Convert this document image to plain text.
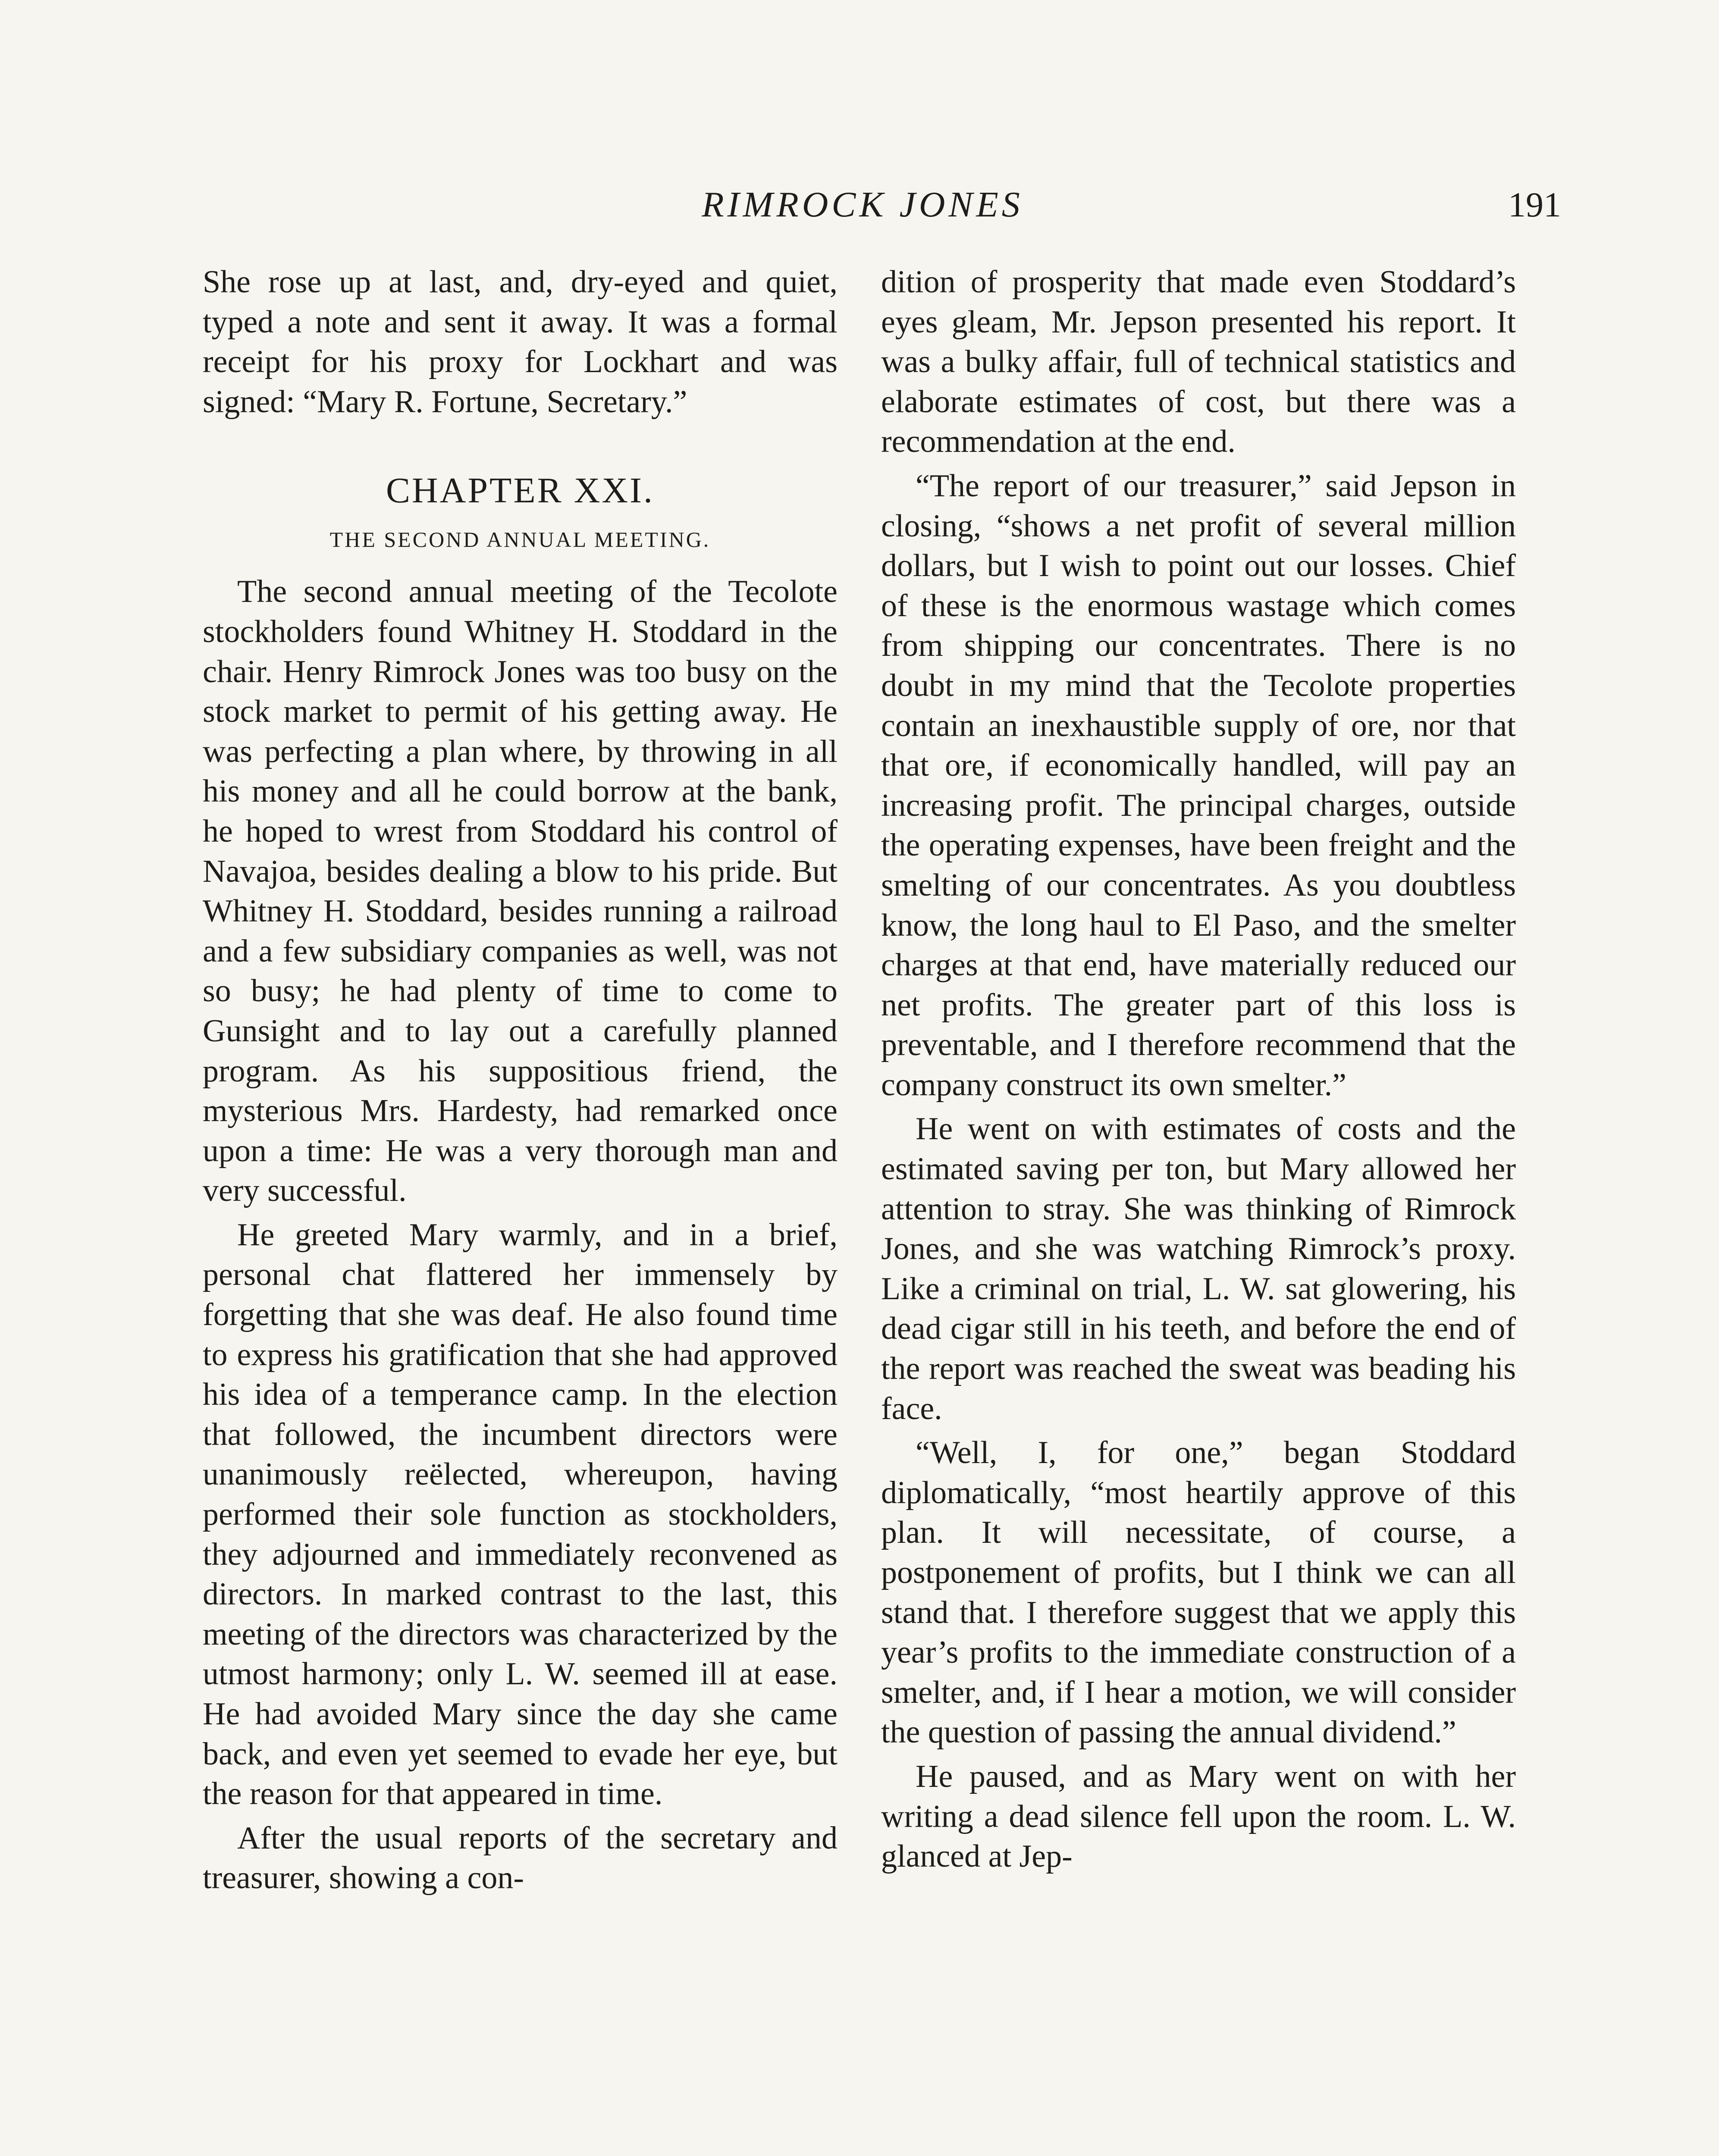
RIMROCK JONES	191

She rose up at last, and, dry-eyed and quiet, typed a note and sent it away. It was a formal receipt for his proxy for Lockhart and was signed: “Mary R. Fortune, Secretary.”

CHAPTER XXI.
THE SECOND ANNUAL MEETING.

The second annual meeting of the Tecolote stockholders found Whitney H. Stoddard in the chair. Henry Rimrock Jones was too busy on the stock market to permit of his getting away. He was perfecting a plan where, by throwing in all his money and all he could borrow at the bank, he hoped to wrest from Stoddard his control of Navajoa, besides dealing a blow to his pride. But Whitney H. Stoddard, besides running a railroad and a few subsidiary companies as well, was not so busy; he had plenty of time to come to Gunsight and to lay out a carefully planned program. As his suppositious friend, the mysterious Mrs. Hardesty, had remarked once upon a time: He was a very thorough man and very successful.

He greeted Mary warmly, and in a brief, personal chat flattered her immensely by forgetting that she was deaf. He also found time to express his gratification that she had approved his idea of a temperance camp. In the election that followed, the incumbent directors were unanimously reëlected, whereupon, having performed their sole function as stockholders, they adjourned and immediately reconvened as directors. In marked contrast to the last, this meeting of the directors was characterized by the utmost harmony; only L. W. seemed ill at ease. He had avoided Mary since the day she came back, and even yet seemed to evade her eye, but the reason for that appeared in time.

After the usual reports of the secretary and treasurer, showing a con-

dition of prosperity that made even Stoddard’s eyes gleam, Mr. Jepson presented his report. It was a bulky affair, full of technical statistics and elaborate estimates of cost, but there was a recommendation at the end.

“The report of our treasurer,” said Jepson in closing, “shows a net profit of several million dollars, but I wish to point out our losses. Chief of these is the enormous wastage which comes from shipping our concentrates. There is no doubt in my mind that the Tecolote properties contain an inexhaustible supply of ore, nor that that ore, if economically handled, will pay an increasing profit. The principal charges, outside the operating expenses, have been freight and the smelting of our concentrates. As you doubtless know, the long haul to El Paso, and the smelter charges at that end, have materially reduced our net profits. The greater part of this loss is preventable, and I therefore recommend that the company construct its own smelter.”

He went on with estimates of costs and the estimated saving per ton, but Mary allowed her attention to stray. She was thinking of Rimrock Jones, and she was watching Rimrock’s proxy. Like a criminal on trial, L. W. sat glowering, his dead cigar still in his teeth, and before the end of the report was reached the sweat was beading his face.

“Well, I, for one,” began Stoddard diplomatically, “most heartily approve of this plan. It will necessitate, of course, a postponement of profits, but I think we can all stand that. I therefore suggest that we apply this year’s profits to the immediate construction of a smelter, and, if I hear a motion, we will consider the question of passing the annual dividend.”

He paused, and as Mary went on with her writing a dead silence fell upon the room. L. W. glanced at Jep-
